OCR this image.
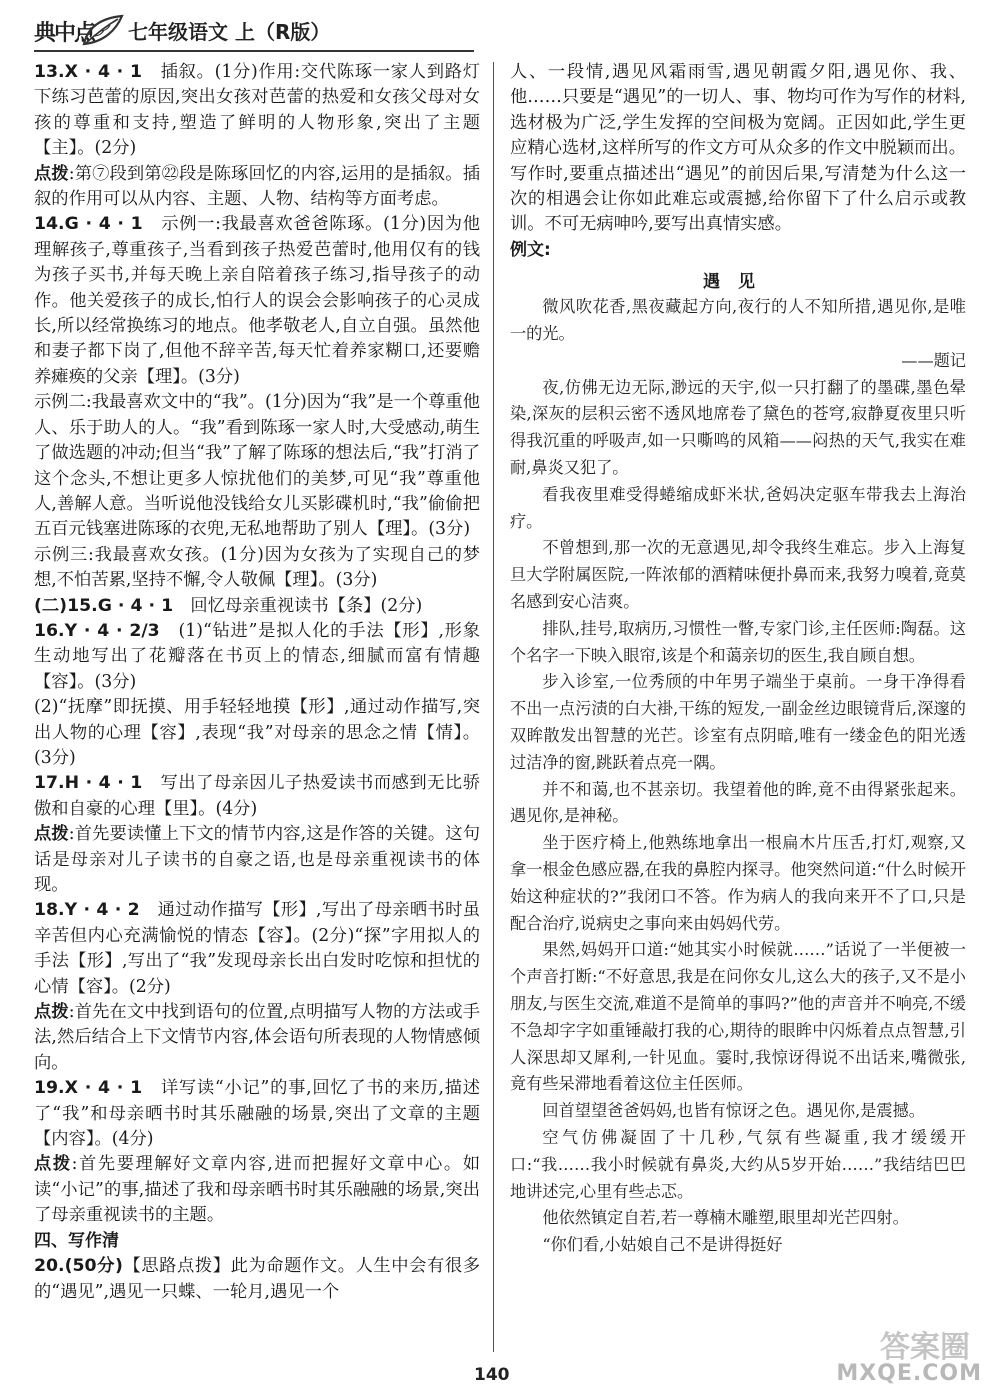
典中点 七年级语文 上（R版）

13.X · 4 · 1　插叙。(1分)作用:交代陈琢一家人到路灯下练习芭蕾的原因,突出女孩对芭蕾的热爱和女孩父母对女孩的尊重和支持,塑造了鲜明的人物形象,突出了主题【主】。(2分)

点拨:第⑦段到第㉒段是陈琢回忆的内容,运用的是插叙。插叙的作用可以从内容、主题、人物、结构等方面考虑。

14.G · 4 · 1　示例一:我最喜欢爸爸陈琢。(1分)因为他理解孩子,尊重孩子,当看到孩子热爱芭蕾时,他用仅有的钱为孩子买书,并每天晚上亲自陪着孩子练习,指导孩子的动作。他关爱孩子的成长,怕行人的误会会影响孩子的心灵成长,所以经常换练习的地点。他孝敬老人,自立自强。虽然他和妻子都下岗了,但他不辞辛苦,每天忙着养家糊口,还要赡养瘫痪的父亲【理】。(3分)

示例二:我最喜欢文中的“我”。(1分)因为“我”是一个尊重他人、乐于助人的人。“我”看到陈琢一家人时,大受感动,萌生了做选题的冲动;但当“我”了解了陈琢的想法后,“我”打消了这个念头,不想让更多人惊扰他们的美梦,可见“我”尊重他人,善解人意。当听说他没钱给女儿买影碟机时,“我”偷偷把五百元钱塞进陈琢的衣兜,无私地帮助了别人【理】。(3分)

示例三:我最喜欢女孩。(1分)因为女孩为了实现自己的梦想,不怕苦累,坚持不懈,令人敬佩【理】。(3分)

(二)15.G · 4 · 1　回忆母亲重视读书【条】(2分)

16.Y · 4 · 2/3　(1)“钻进”是拟人化的手法【形】,形象生动地写出了花瓣落在书页上的情态,细腻而富有情趣【容】。(3分)

(2)“抚摩”即抚摸、用手轻轻地摸【形】,通过动作描写,突出人物的心理【容】,表现“我”对母亲的思念之情【情】。(3分)

17.H · 4 · 1　写出了母亲因儿子热爱读书而感到无比骄傲和自豪的心理【里】。(4分)

点拨:首先要读懂上下文的情节内容,这是作答的关键。这句话是母亲对儿子读书的自豪之语,也是母亲重视读书的体现。

18.Y · 4 · 2　通过动作描写【形】,写出了母亲晒书时虽辛苦但内心充满愉悦的情态【容】。(2分)“探”字用拟人的手法【形】,写出了“我”发现母亲长出白发时吃惊和担忧的心情【容】。(2分)

点拨:首先在文中找到语句的位置,点明描写人物的方法或手法,然后结合上下文情节内容,体会语句所表现的人物情感倾向。

19.X · 4 · 1　详写读“小记”的事,回忆了书的来历,描述了“我”和母亲晒书时其乐融融的场景,突出了文章的主题【内容】。(4分)

点拨:首先要理解好文章内容,进而把握好文章中心。如读“小记”的事,描述了我和母亲晒书时其乐融融的场景,突出了母亲重视读书的主题。

四、写作清

20.(50分)【思路点拨】此为命题作文。人生中会有很多的“遇见”,遇见一只蝶、一轮月,遇见一个

人、一段情,遇见风霜雨雪,遇见朝霞夕阳,遇见你、我、他……只要是“遇见”的一切人、事、物均可作为写作的材料,选材极为广泛,学生发挥的空间极为宽阔。正因如此,学生更应精心选材,这样所写的作文方可从众多的作文中脱颖而出。写作时,要重点描述出“遇见”的前因后果,写清楚为什么这一次的相遇会让你如此难忘或震撼,给你留下了什么启示或教训。不可无病呻吟,要写出真情实感。

例文:

遇见

微风吹花香,黑夜藏起方向,夜行的人不知所措,遇见你,是唯一的光。

——题记

夜,仿佛无边无际,渺远的天宇,似一只打翻了的墨碟,墨色晕染,深灰的层积云密不透风地席卷了黛色的苍穹,寂静夏夜里只听得我沉重的呼吸声,如一只嘶鸣的风箱——闷热的天气,我实在难耐,鼻炎又犯了。

看我夜里难受得蜷缩成虾米状,爸妈决定驱车带我去上海治疗。

不曾想到,那一次的无意遇见,却令我终生难忘。步入上海复旦大学附属医院,一阵浓郁的酒精味便扑鼻而来,我努力嗅着,竟莫名感到安心洁爽。

排队,挂号,取病历,习惯性一瞥,专家门诊,主任医师:陶磊。这个名字一下映入眼帘,该是个和蔼亲切的医生,我自顾自想。

步入诊室,一位秀颀的中年男子端坐于桌前。一身干净得看不出一点污渍的白大褂,干练的短发,一副金丝边眼镜背后,深邃的双眸散发出智慧的光芒。诊室有点阴暗,唯有一缕金色的阳光透过洁净的窗,跳跃着点亮一隅。

并不和蔼,也不甚亲切。我望着他的眸,竟不由得紧张起来。遇见你,是神秘。

坐于医疗椅上,他熟练地拿出一根扁木片压舌,打灯,观察,又拿一根金色感应器,在我的鼻腔内探寻。他突然问道:“什么时候开始这种症状的?”我闭口不答。作为病人的我向来开不了口,只是配合治疗,说病史之事向来由妈妈代劳。

果然,妈妈开口道:“她其实小时候就……”话说了一半便被一个声音打断:“不好意思,我是在问你女儿,这么大的孩子,又不是小朋友,与医生交流,难道不是简单的事吗?”他的声音并不响亮,不缓不急却字字如重锤敲打我的心,期待的眼眸中闪烁着点点智慧,引人深思却又犀利,一针见血。霎时,我惊讶得说不出话来,嘴微张,竟有些呆滞地看着这位主任医师。

回首望望爸爸妈妈,也皆有惊讶之色。遇见你,是震撼。

空气仿佛凝固了十几秒,气氛有些凝重,我才缓缓开口:“我……我小时候就有鼻炎,大约从5岁开始……”我结结巴巴地讲述完,心里有些忐忑。

他依然镇定自若,若一尊楠木雕塑,眼里却光芒四射。

“你们看,小姑娘自己不是讲得挺好

140
答案圈
MXQE.COM
